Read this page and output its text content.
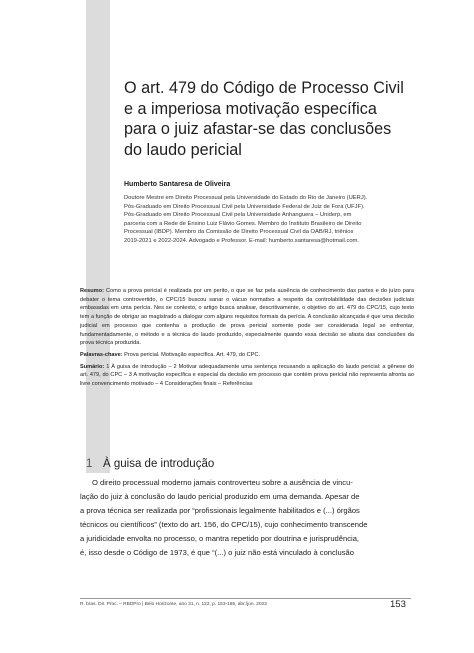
O art. 479 do Código de Processo Civil
e a imperiosa motivação específica
para o juiz afastar-se das conclusões
do laudo pericial
Humberto Santaresa de Oliveira
Doutore Mestre em Direito Processual pela Universidade do Estado do Rio de Janeiro (UERJ).
Pós-Graduado em Direito Processual Civil pela Universidade Federal de Juiz de Fora (UFJF).
Pós-Graduado em Direito Processual Civil pela Universidade Anhanguera – Uniderp, em
parceria com a Rede de Ensino Luiz Flávio Gomes. Membro do Instituto Brasileiro de Direito
Processual (IBDP). Membro da Comissão de Direito Processual Civil da OAB/RJ, triênios
2019-2021 e 2022-2024. Advogado e Professor. E-mail: humberto.santaresa@hotmail.com.

Resumo: Como a prova pericial é realizada por um perito, o que se faz pela ausência de conhecimento das partes e do juízo para debater o tema controvertido, o CPC/15 buscou sanar o vácuo normativo a respeito da controlabilidade das decisões judiciais embasadas em uma perícia. Nes se contexto, o artigo busca analisar, descritivamente, o objetivo do art. 479 do CPC/15, cujo texto tem a função de obrigar ao magistrado a dialogar com alguns requisitos formais da perícia. A conclusão alcançada é que uma decisão judicial em processo que contenha a produção de prova pericial somente pode ser considerada legal se enfrentar, fundamentadamente, o método e a técnica do laudo produzido, especialmente quando essa decisão se afasta das conclusões da prova técnica produzida.

Palavras-chave: Prova pericial. Motivação específica. Art. 479, do CPC.

Sumário: 1 À guisa de introdução – 2 Motivar adequadamente uma sentença recusando a aplicação do laudo pericial: a gênese do art. 479, do CPC – 3 A motivação específica e especial da decisão em processo que contém prova pericial não representa afronta ao livre convencimento motivado – 4 Considerações finais – Referências

1 À guisa de introdução
O direito processual moderno jamais controverteu sobre a ausência de vincu-
lação do juiz à conclusão do laudo pericial produzido em uma demanda. Apesar de
a prova técnica ser realizada por “profissionais legalmente habilitados e (...) órgãos
técnicos ou científicos” (texto do art. 156, do CPC/15), cujo conhecimento transcende
a juridicidade envolta no processo, o mantra repetido por doutrina e jurisprudência,
é, isso desde o Código de 1973, é que “(...) o juiz não está vinculado à conclusão
R. bras. Dir. Proc. – RBDPro | Belo Horizonte, ano 31, n. 122, p. 153-165, abr./jun. 2023	153
